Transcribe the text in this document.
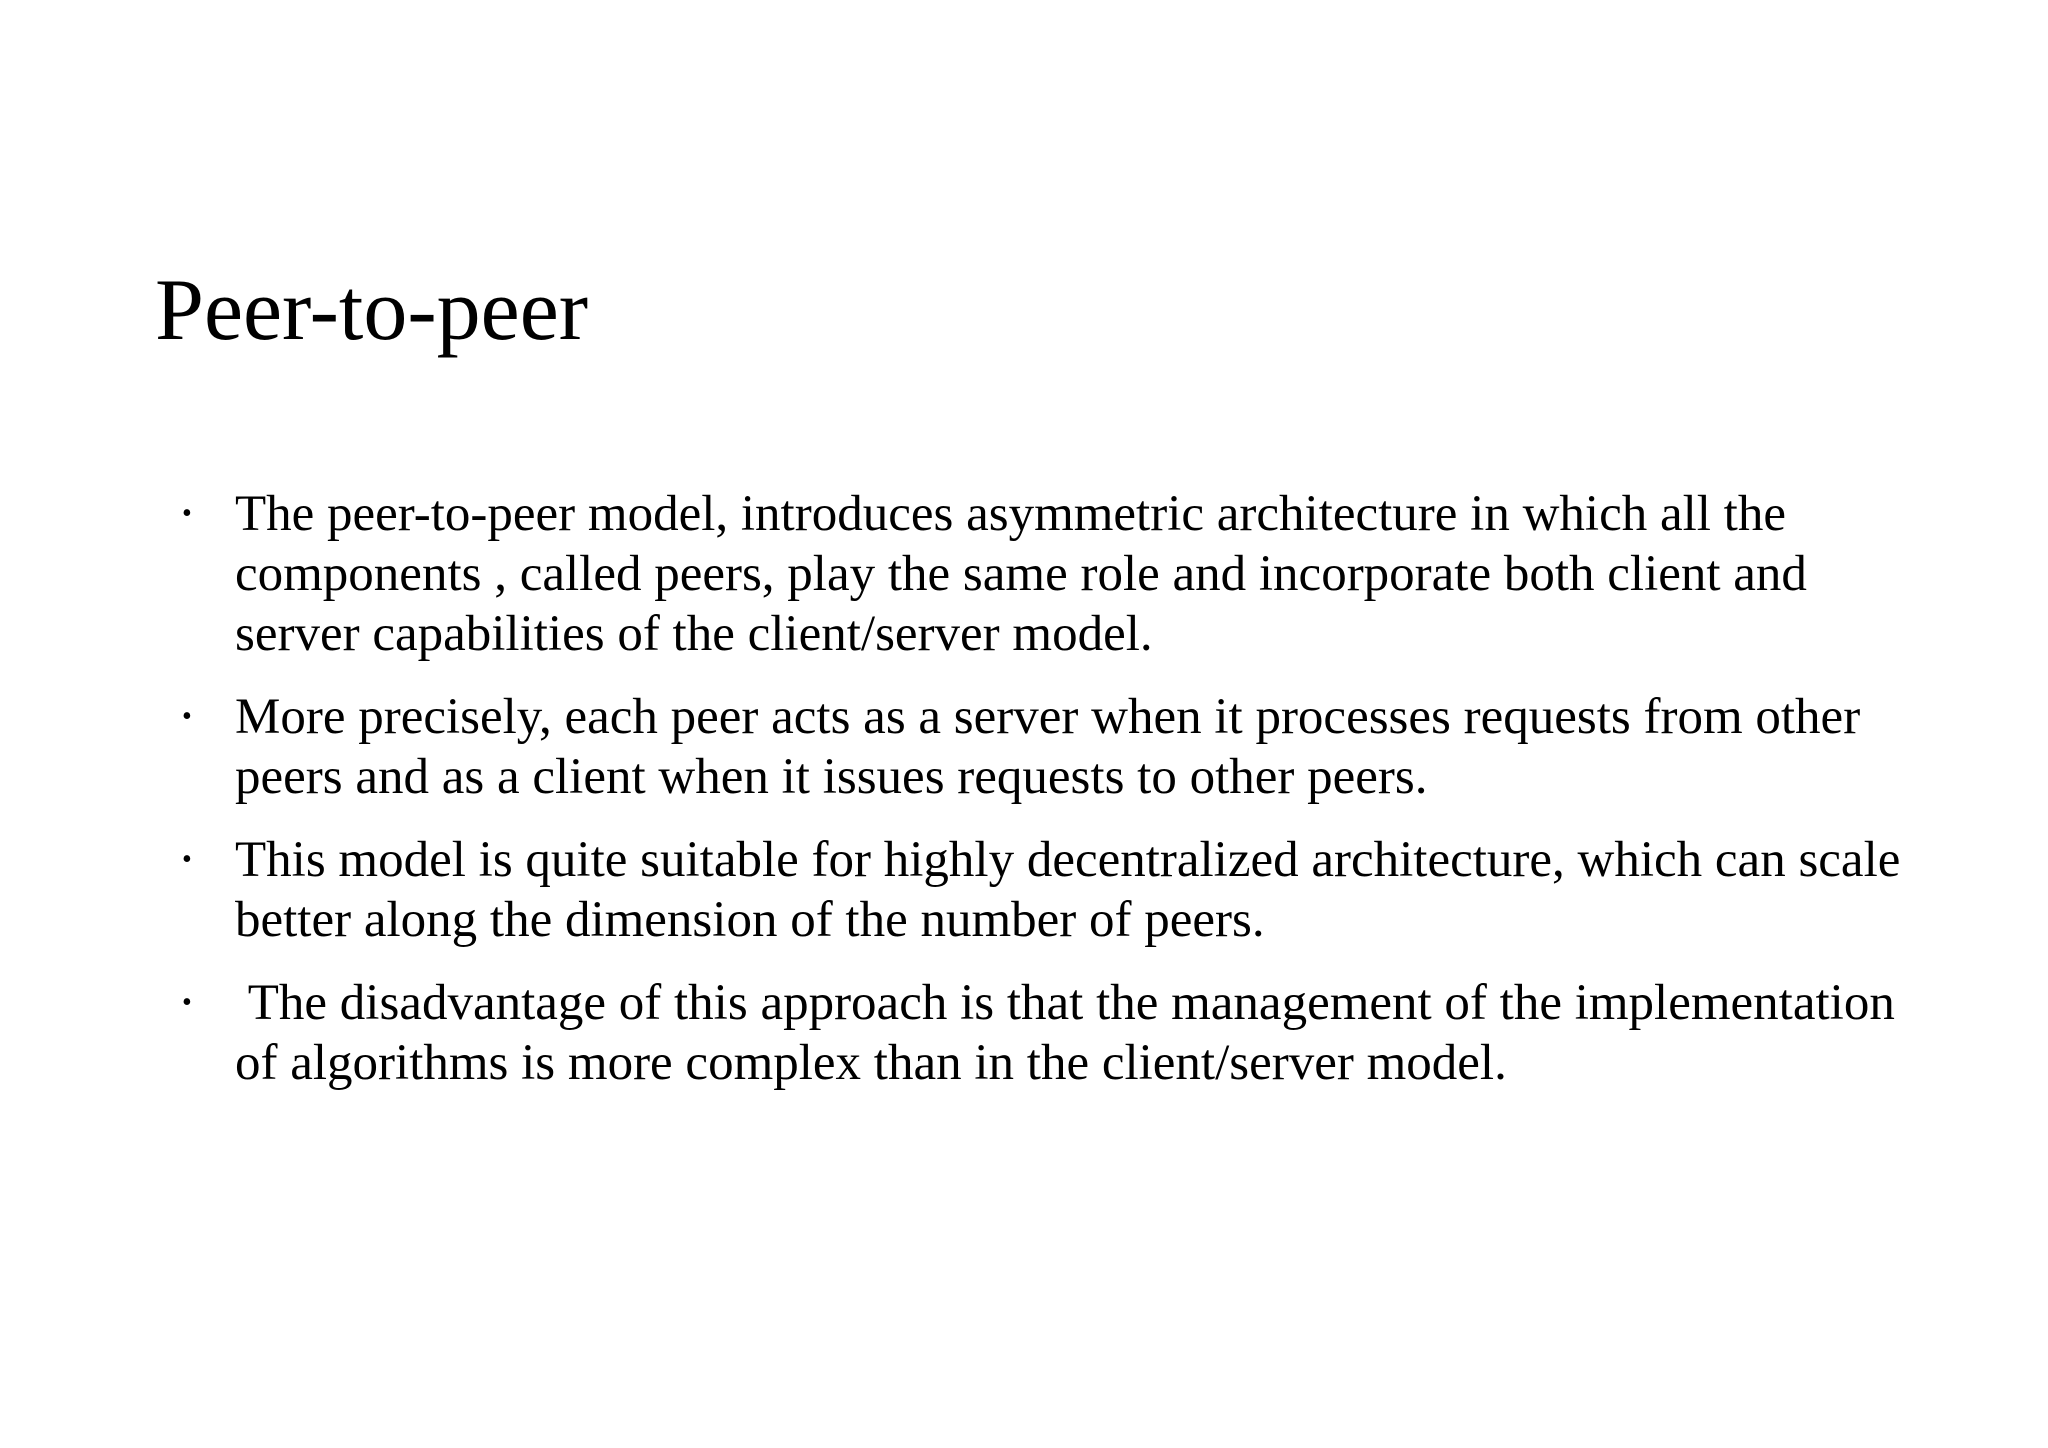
Peer-to-peer
• The peer-to-peer model, introduces asymmetric architecture in which all the components , called peers, play the same role and incorporate both client and server capabilities of the client/server model.
• More precisely, each peer acts as a server when it processes requests from other peers and as a client when it issues requests to other peers.
• This model is quite suitable for highly decentralized architecture, which can scale better along the dimension of the number of peers.
• The disadvantage of this approach is that the management of the implementation of algorithms is more complex than in the client/server model.
